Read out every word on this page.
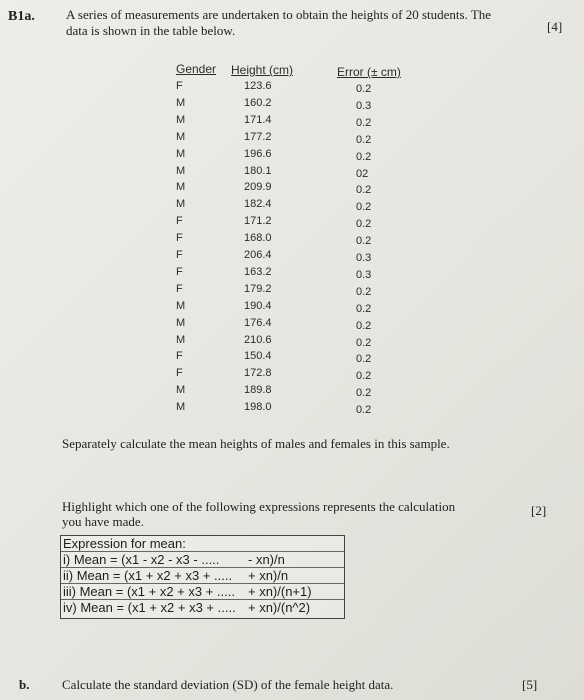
B1a. A series of measurements are undertaken to obtain the heights of 20 students. The
data is shown in the table below.	[4]
Gender Height (cm)	Error (± cm)
F	123.6	0.2
M	160.2	0.3
M	171.4	0.2
M	177.2	0.2
M	196.6	0.2
M	180.1	02
M	209.9	0.2
M	182.4	0.2
F	171.2	0.2
F	168.0	0.2
F	206.4	0.3
F	163.2	0.3
F	179.2	0.2
M	190.4	0.2
M	176.4	0.2
M	210.6	0.2
F	150.4	0.2
F	172.8	0.2
M	189.8	0.2
M	198.0	0.2
Separately calculate the mean heights of males and females in this sample.
Highlight which one of the following expressions represents the calculation
you have made.
[2]
Expression for mean:
i) Mean = (x1 - x2 - x3 - ..... - xn)/n
ii) Mean = (x1 + x2 + x3 + ..... + xn)/n
iii) Mean = (x1 + x2 + x3 + ..... + xn)/(n+1)
iv) Mean = (x1 + x2 + x3 + ..... + xn)/(n^2)
b.	Calculate the standard deviation (SD) of the female height data.	[5]
